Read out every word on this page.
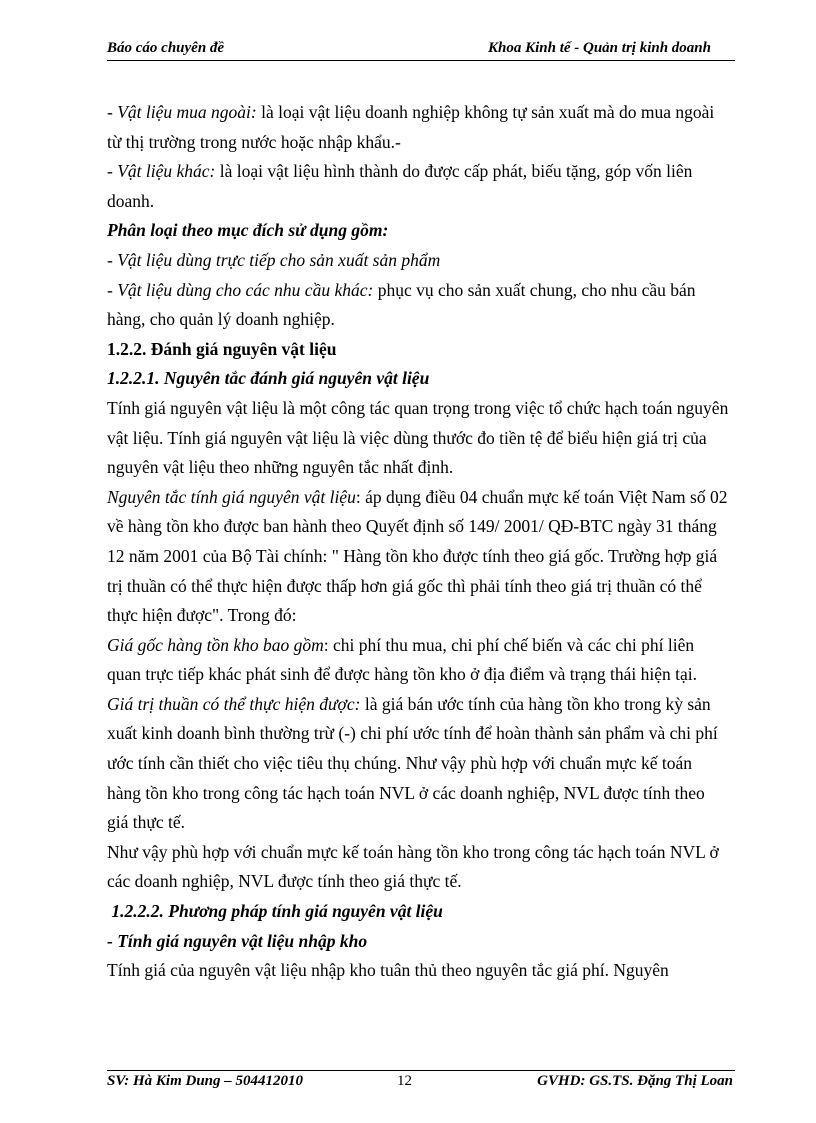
Báo cáo chuyên đề	Khoa Kinh tế - Quản trị kinh doanh

- Vật liệu mua ngoài: là loại vật liệu doanh nghiệp không tự sản xuất mà do mua ngoài từ thị trường trong nước hoặc nhập khẩu.-

- Vật liệu khác: là loại vật liệu hình thành do được cấp phát, biếu tặng, góp vốn liên doanh.

Phân loại theo mục đích sử dụng gồm:

- Vật liệu dùng trực tiếp cho sản xuất sản phẩm

- Vật liệu dùng cho các nhu cầu khác: phục vụ cho sản xuất chung, cho nhu cầu bán hàng, cho quản lý doanh nghiệp.

1.2.2. Đánh giá nguyên vật liệu

1.2.2.1. Nguyên tắc đánh giá nguyên vật liệu

Tính giá nguyên vật liệu là một công tác quan trọng trong việc tổ chức hạch toán nguyên vật liệu. Tính giá nguyên vật liệu là việc dùng thước đo tiền tệ để biểu hiện giá trị của nguyên vật liệu theo những nguyên tắc nhất định.

Nguyên tắc tính giá nguyên vật liệu: áp dụng điều 04 chuẩn mực kế toán Việt Nam số 02 về hàng tồn kho được ban hành theo Quyết định số 149/ 2001/ QĐ-BTC ngày 31 tháng 12 năm 2001 của Bộ Tài chính: " Hàng tồn kho được tính theo giá gốc. Trường hợp giá trị thuần có thể thực hiện được thấp hơn giá gốc thì phải tính theo giá trị thuần có thể thực hiện được". Trong đó:

Giá gốc hàng tồn kho bao gồm: chi phí thu mua, chi phí chế biến và các chi phí liên quan trực tiếp khác phát sinh để được hàng tồn kho ở địa điểm và trạng thái hiện tại.

Giá trị thuần có thể thực hiện được: là giá bán ước tính của hàng tồn kho trong kỳ sản xuất kinh doanh bình thường trừ (-) chi phí ước tính để hoàn thành sản phẩm và chi phí ước tính cần thiết cho việc tiêu thụ chúng. Như vậy phù hợp với chuẩn mực kế toán hàng tồn kho trong công tác hạch toán NVL ở các doanh nghiệp, NVL được tính theo giá thực tế.

Như vậy phù hợp với chuẩn mực kế toán hàng tồn kho trong công tác hạch toán NVL ở các doanh nghiệp, NVL được tính theo giá thực tế.

1.2.2.2. Phương pháp tính giá nguyên vật liệu

- Tính giá nguyên vật liệu nhập kho

Tính giá của nguyên vật liệu nhập kho tuân thủ theo nguyên tắc giá phí. Nguyên

SV: Hà Kim Dung – 504412010	12	GVHD: GS.TS. Đặng Thị Loan
